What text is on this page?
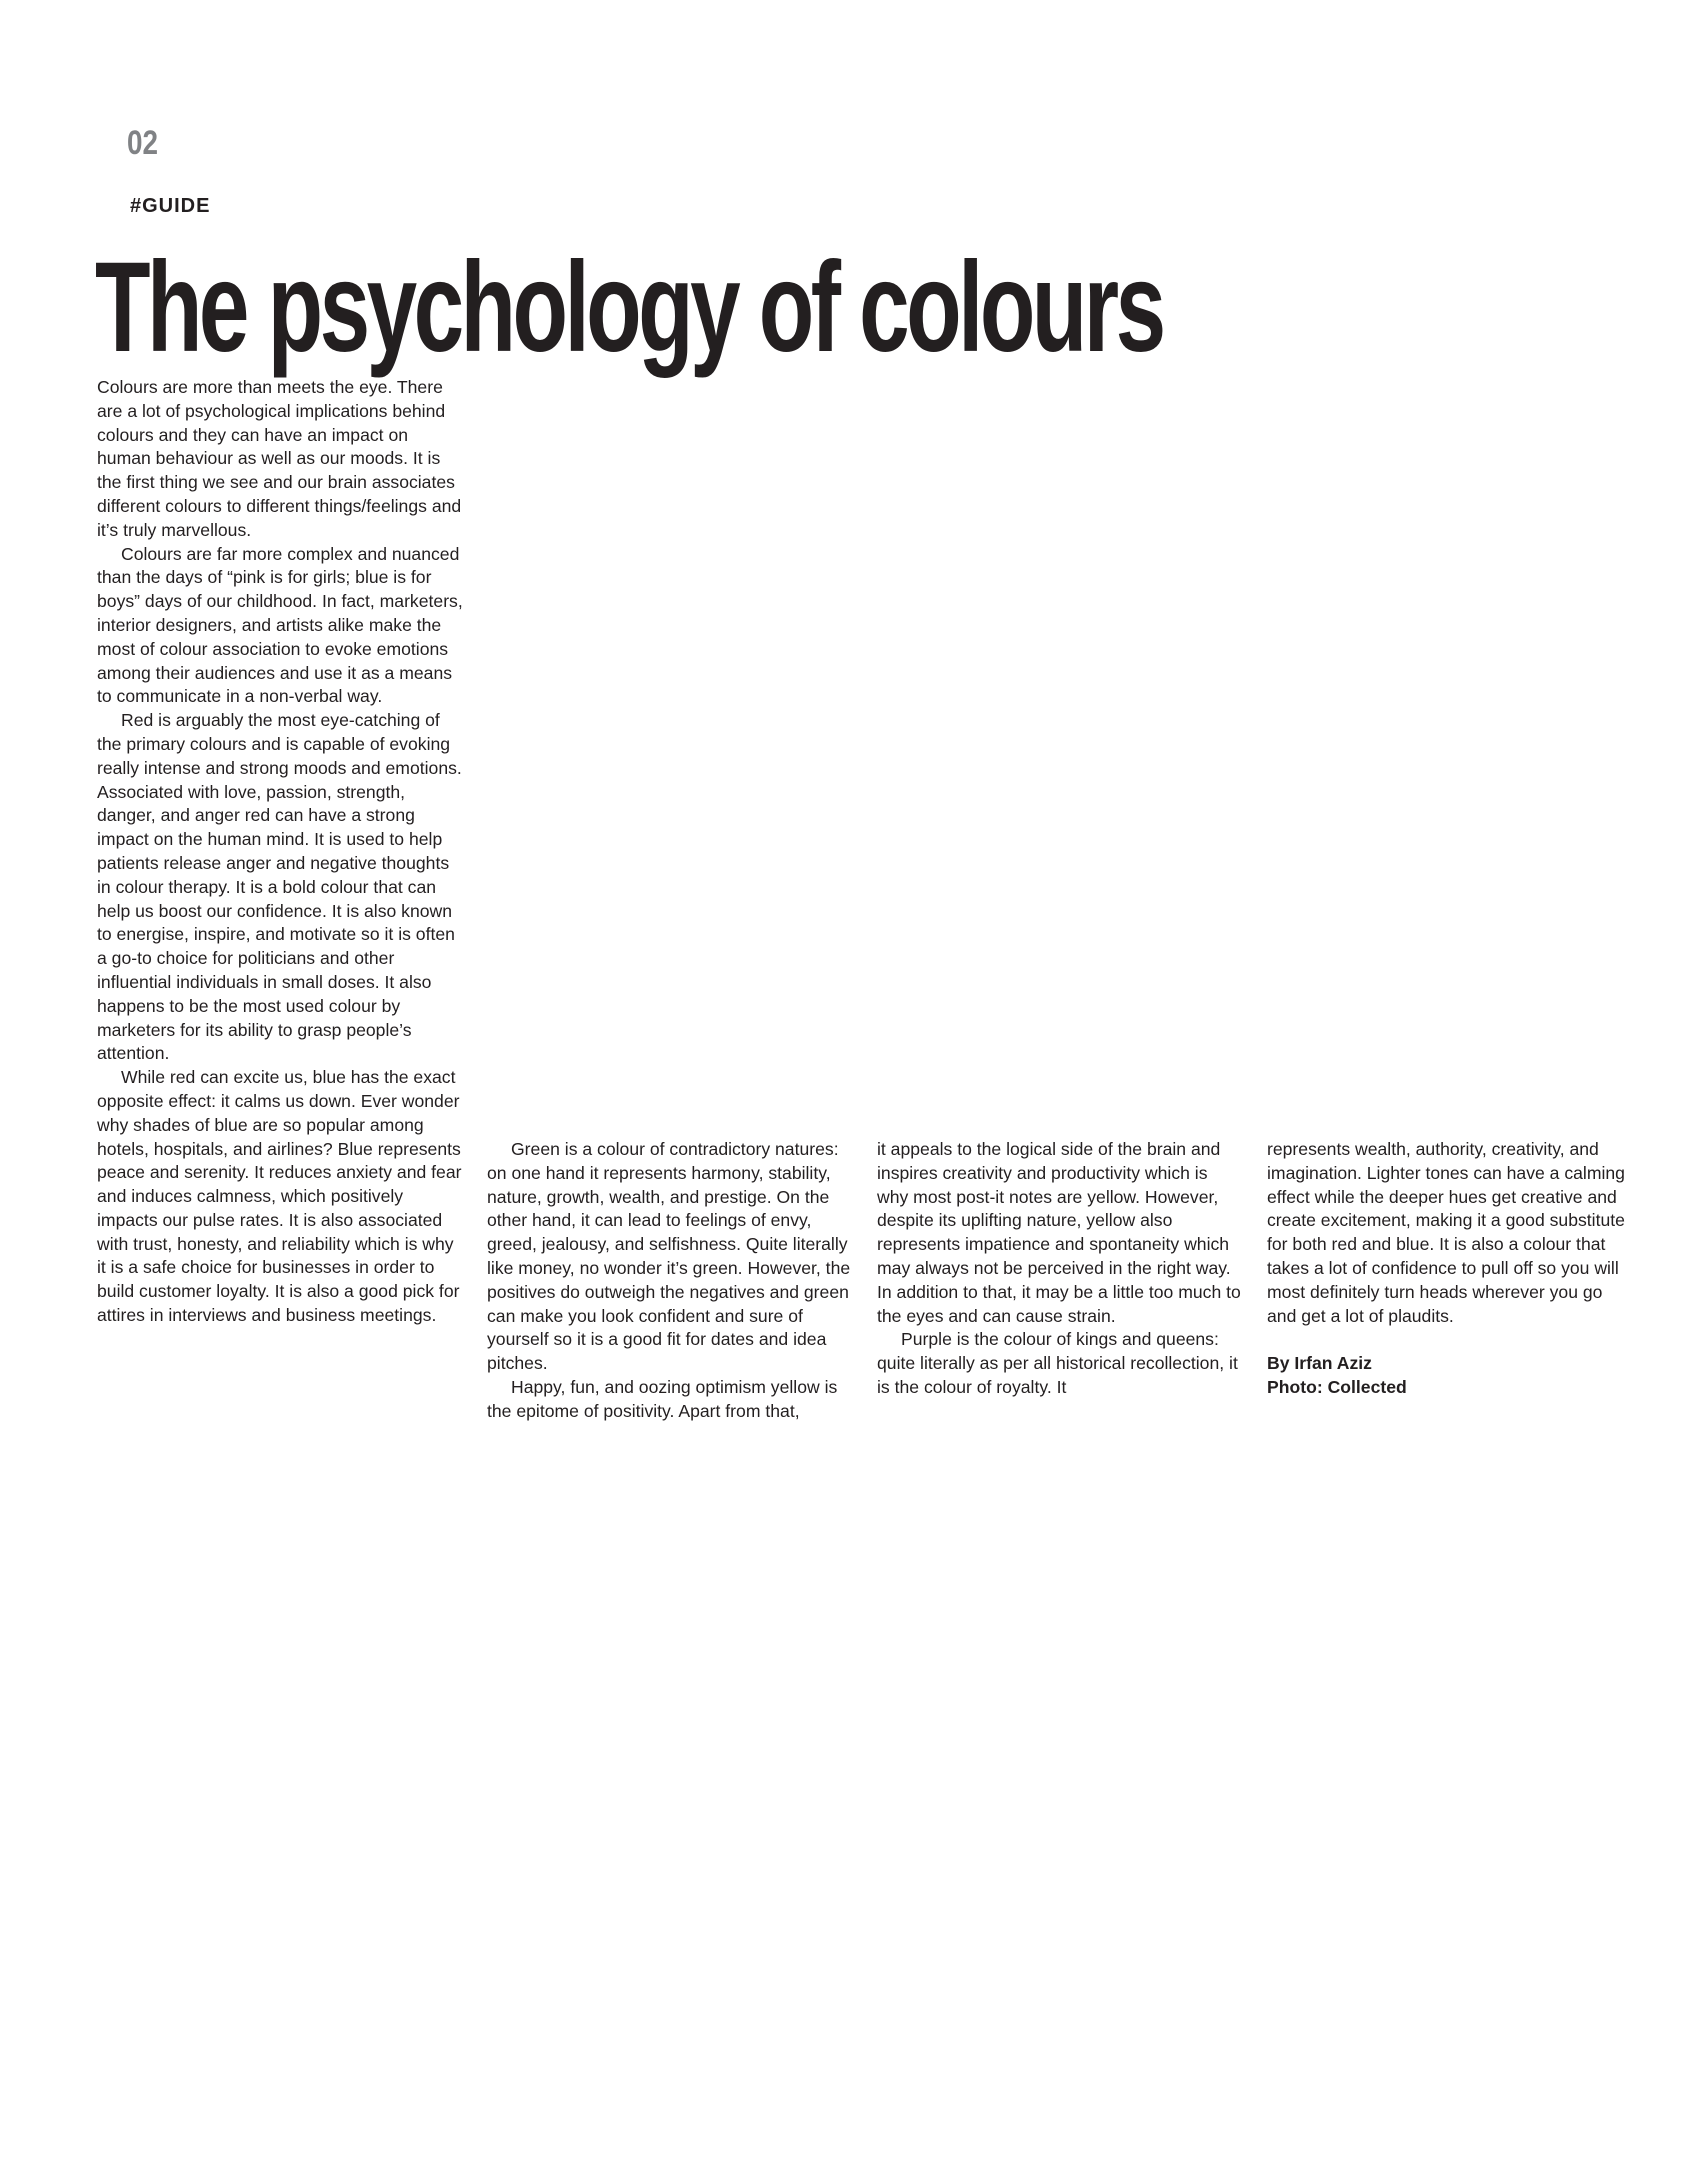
02
#GUIDE
The psychology of colours

Colours are more than meets the eye. There are a lot of psychological implications behind colours and they can have an impact on human behaviour as well as our moods. It is the first thing we see and our brain associates different colours to different things/feelings and it’s truly marvellous.

Colours are far more complex and nuanced than the days of “pink is for girls; blue is for boys” days of our childhood. In fact, marketers, interior designers, and artists alike make the most of colour association to evoke emotions among their audiences and use it as a means to communicate in a non-verbal way.

Red is arguably the most eye-catching of the primary colours and is capable of evoking really intense and strong moods and emotions. Associated with love, passion, strength, danger, and anger red can have a strong impact on the human mind. It is used to help patients release anger and negative thoughts in colour therapy. It is a bold colour that can help us boost our confidence. It is also known to energise, inspire, and motivate so it is often a go-to choice for politicians and other influential individuals in small doses. It also happens to be the most used colour by marketers for its ability to grasp people’s attention.

While red can excite us, blue has the exact opposite effect: it calms us down. Ever wonder why shades of blue are so popular among hotels, hospitals, and airlines? Blue represents peace and serenity. It reduces anxiety and fear and induces calmness, which positively impacts our pulse rates. It is also associated with trust, honesty, and reliability which is why it is a safe choice for businesses in order to build customer loyalty. It is also a good pick for attires in interviews and business meetings.

Green is a colour of contradictory natures: on one hand it represents harmony, stability, nature, growth, wealth, and prestige. On the other hand, it can lead to feelings of envy, greed, jealousy, and selfishness. Quite literally like money, no wonder it’s green. However, the positives do outweigh the negatives and green can make you look confident and sure of yourself so it is a good fit for dates and idea pitches.

Happy, fun, and oozing optimism yellow is the epitome of positivity. Apart from that,

it appeals to the logical side of the brain and inspires creativity and productivity which is why most post-it notes are yellow. However, despite its uplifting nature, yellow also represents impatience and spontaneity which may always not be perceived in the right way. In addition to that, it may be a little too much to the eyes and can cause strain.

Purple is the colour of kings and queens: quite literally as per all historical recollection, it is the colour of royalty. It

represents wealth, authority, creativity, and imagination. Lighter tones can have a calming effect while the deeper hues get creative and create excitement, making it a good substitute for both red and blue. It is also a colour that takes a lot of confidence to pull off so you will most definitely turn heads wherever you go and get a lot of plaudits.

By Irfan Aziz

Photo: Collected
